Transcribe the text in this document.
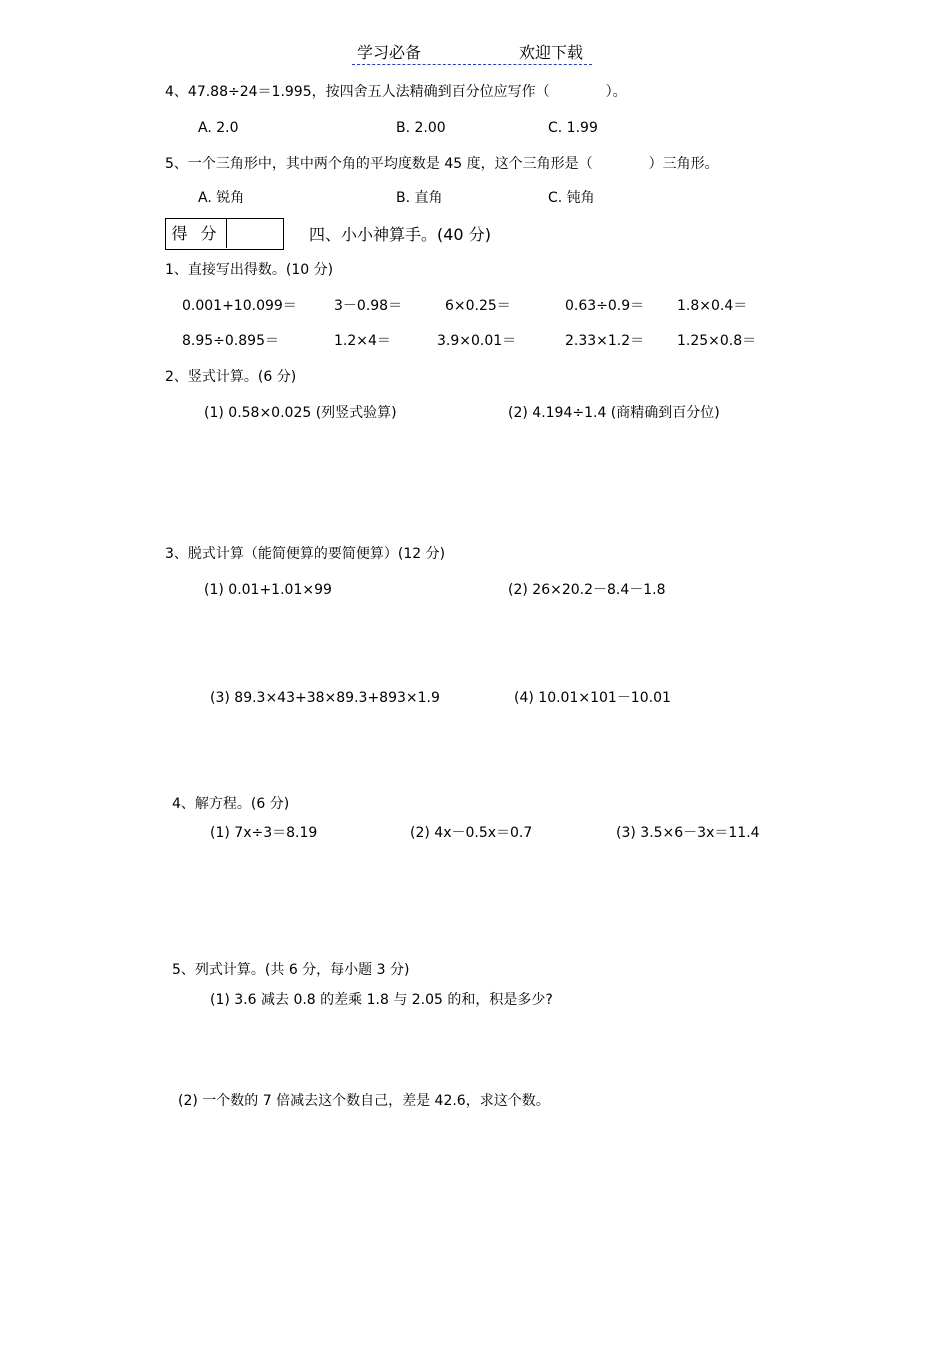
学习必备	欢迎下载
4、47.88÷24＝1.995，按四舍五人法精确到百分位应写作（　　　　）。
A. 2.0	B. 2.00	C. 1.99
5、一个三角形中，其中两个角的平均度数是 45 度，这个三角形是（　　　　）三角形。
A. 锐角	B. 直角	C. 钝角
得 分	四、小小神算手。(40 分)
1、直接写出得数。(10 分)
0.001+10.099＝	3－0.98＝	6×0.25＝	0.63÷0.9＝ 1.8×0.4＝
8.95÷0.895＝	1.2×4＝	3.9×0.01＝	2.33×1.2＝ 1.25×0.8＝
2、竖式计算。(6 分)
(1) 0.58×0.025 (列竖式验算)	(2) 4.194÷1.4 (商精确到百分位)
3、脱式计算（能简便算的要简便算）(12 分)
(1) 0.01+1.01×99	(2) 26×20.2－8.4－1.8
(3) 89.3×43+38×89.3+893×1.9	(4) 10.01×101－10.01
4、解方程。(6 分)
(1) 7x÷3＝8.19	(2) 4x－0.5x＝0.7	(3) 3.5×6－3x＝11.4
5、列式计算。(共 6 分，每小题 3 分)
(1) 3.6 减去 0.8 的差乘 1.8 与 2.05 的和，积是多少?
(2) 一个数的 7 倍减去这个数自己，差是 42.6，求这个数。
